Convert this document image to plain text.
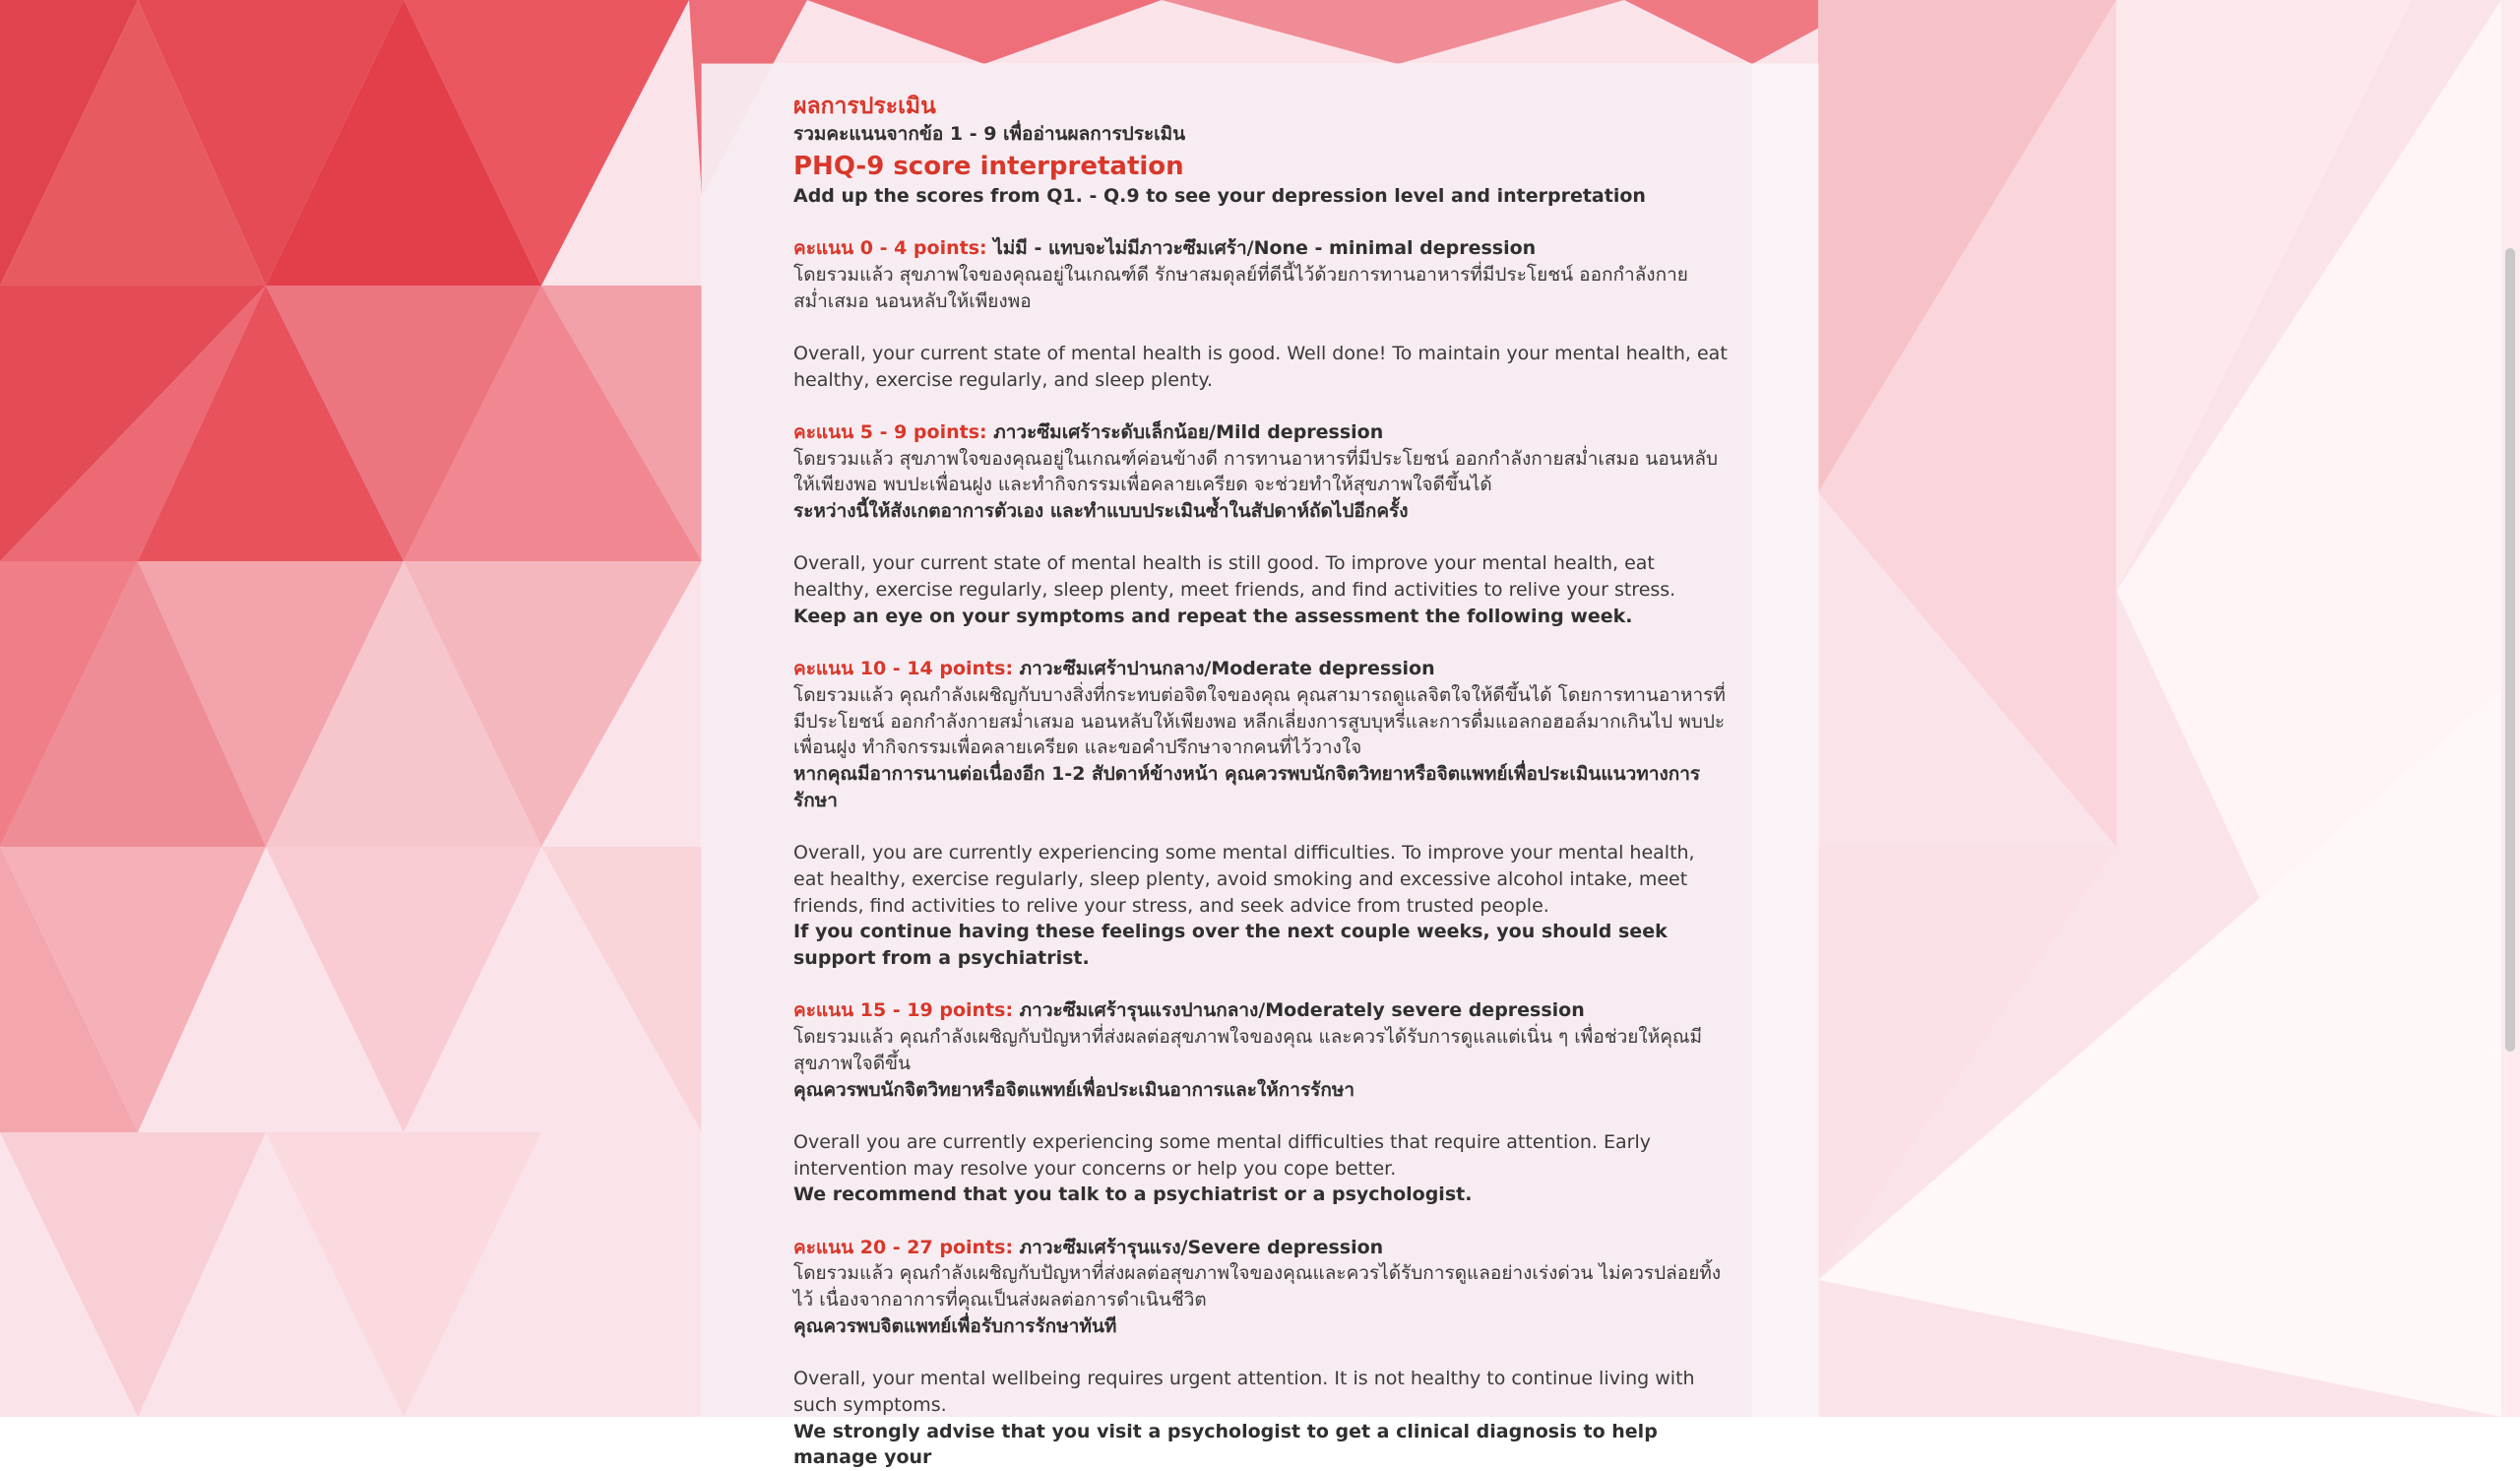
ผลการประเมิน
รวมคะแนนจากข้อ 1 - 9 เพื่ออ่านผลการประเมิน
PHQ-9 score interpretation
Add up the scores from Q1. - Q.9 to see your depression level and interpretation
คะแนน 0 - 4 points: ไม่มี - แทบจะไม่มีภาวะซึมเศร้า/None - minimal depression
โดยรวมแล้ว สุขภาพใจของคุณอยู่ในเกณฑ์ดี รักษาสมดุลย์ที่ดีนี้ไว้ด้วยการทานอาหารที่มีประโยชน์ ออกกำลังกายสม่ำเสมอ นอนหลับให้เพียงพอ
Overall, your current state of mental health is good. Well done! To maintain your mental health, eat healthy, exercise regularly, and sleep plenty.
คะแนน 5 - 9 points: ภาวะซึมเศร้าระดับเล็กน้อย/Mild depression
โดยรวมแล้ว สุขภาพใจของคุณอยู่ในเกณฑ์ค่อนข้างดี การทานอาหารที่มีประโยชน์ ออกกำลังกายสม่ำเสมอ นอนหลับให้เพียงพอ พบปะเพื่อนฝูง และทำกิจกรรมเพื่อคลายเครียด จะช่วยทำให้สุขภาพใจดีขึ้นได้
ระหว่างนี้ให้สังเกตอาการตัวเอง และทำแบบประเมินซ้ำในสัปดาห์ถัดไปอีกครั้ง
Overall, your current state of mental health is still good. To improve your mental health, eat healthy, exercise regularly, sleep plenty, meet friends, and find activities to relive your stress.
Keep an eye on your symptoms and repeat the assessment the following week.
คะแนน 10 - 14 points: ภาวะซึมเศร้าปานกลาง/Moderate depression
โดยรวมแล้ว คุณกำลังเผชิญกับบางสิ่งที่กระทบต่อจิตใจของคุณ คุณสามารถดูแลจิตใจให้ดีขึ้นได้ โดยการทานอาหารที่มีประโยชน์ ออกกำลังกายสม่ำเสมอ นอนหลับให้เพียงพอ หลีกเลี่ยงการสูบบุหรี่และการดื่มแอลกอฮอล์มากเกินไป พบปะเพื่อนฝูง ทำกิจกรรมเพื่อคลายเครียด และขอคำปรึกษาจากคนที่ไว้วางใจ
หากคุณมีอาการนานต่อเนื่องอีก 1-2 สัปดาห์ข้างหน้า คุณควรพบนักจิตวิทยาหรือจิตแพทย์เพื่อประเมินแนวทางการรักษา
Overall, you are currently experiencing some mental difficulties. To improve your mental health, eat healthy, exercise regularly, sleep plenty, avoid smoking and excessive alcohol intake, meet friends, find activities to relive your stress, and seek advice from trusted people.
If you continue having these feelings over the next couple weeks, you should seek support from a psychiatrist.
คะแนน 15 - 19 points: ภาวะซึมเศร้ารุนแรงปานกลาง/Moderately severe depression
โดยรวมแล้ว คุณกำลังเผชิญกับปัญหาที่ส่งผลต่อสุขภาพใจของคุณ และควรได้รับการดูแลแต่เนิ่น ๆ เพื่อช่วยให้คุณมีสุขภาพใจดีขึ้น
คุณควรพบนักจิตวิทยาหรือจิตแพทย์เพื่อประเมินอาการและให้การรักษา
Overall you are currently experiencing some mental difficulties that require attention. Early intervention may resolve your concerns or help you cope better.
We recommend that you talk to a psychiatrist or a psychologist.
คะแนน 20 - 27 points: ภาวะซึมเศร้ารุนแรง/Severe depression
โดยรวมแล้ว คุณกำลังเผชิญกับปัญหาที่ส่งผลต่อสุขภาพใจของคุณและควรได้รับการดูแลอย่างเร่งด่วน ไม่ควรปล่อยทิ้งไว้ เนื่องจากอาการที่คุณเป็นส่งผลต่อการดำเนินชีวิต
คุณควรพบจิตแพทย์เพื่อรับการรักษาทันที
Overall, your mental wellbeing requires urgent attention. It is not healthy to continue living with such symptoms.
We strongly advise that you visit a psychologist to get a clinical diagnosis to help manage your
